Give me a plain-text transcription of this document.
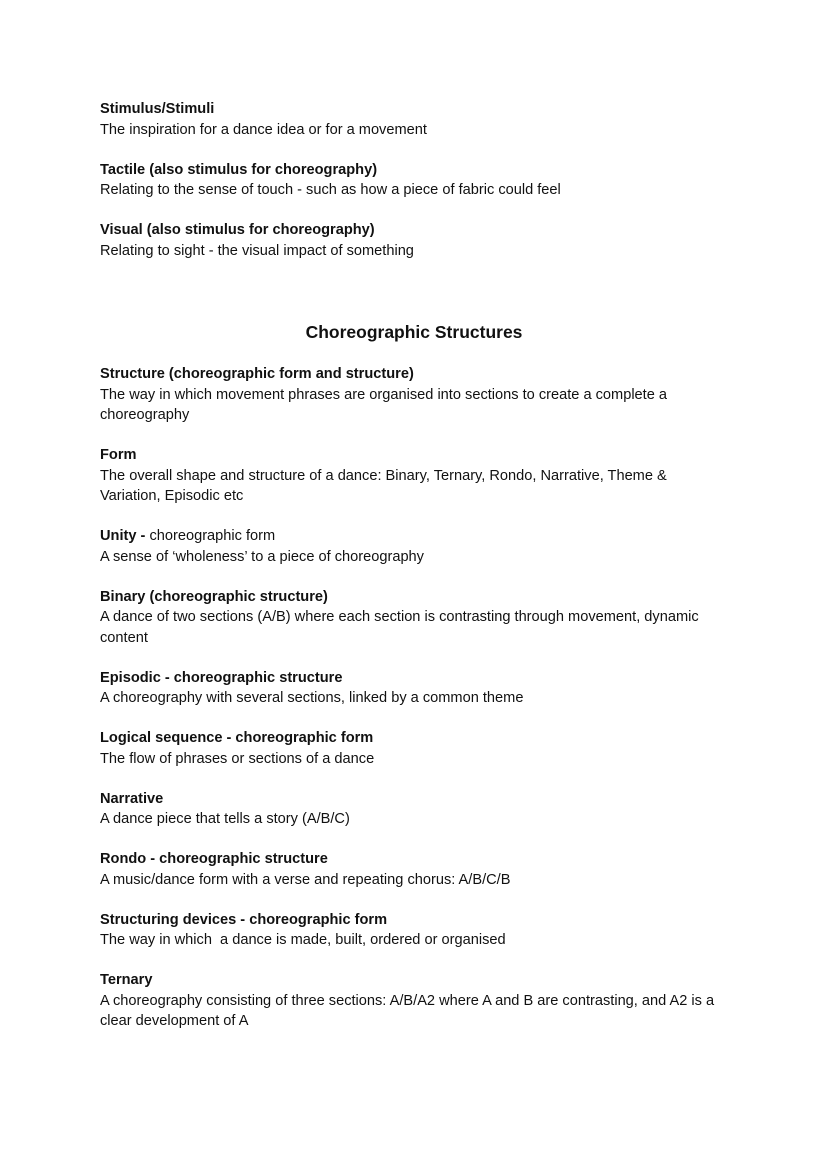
Stimulus/Stimuli

The inspiration for a dance idea or for a movement

Tactile (also stimulus for choreography)

Relating to the sense of touch - such as how a piece of fabric could feel

Visual (also stimulus for choreography)

Relating to sight - the visual impact of something

Choreographic Structures

Structure (choreographic form and structure)

The way in which movement phrases are organised into sections to create a complete a choreography

Form

The overall shape and structure of a dance: Binary, Ternary, Rondo, Narrative, Theme & Variation, Episodic etc

Unity - choreographic form

A sense of ‘wholeness’ to a piece of choreography

Binary (choreographic structure)

A dance of two sections (A/B) where each section is contrasting through movement, dynamic content

Episodic - choreographic structure

A choreography with several sections, linked by a common theme

Logical sequence - choreographic form

The flow of phrases or sections of a dance

Narrative

A dance piece that tells a story (A/B/C)

Rondo - choreographic structure

A music/dance form with a verse and repeating chorus: A/B/C/B

Structuring devices - choreographic form

The way in which  a dance is made, built, ordered or organised

Ternary

A choreography consisting of three sections: A/B/A2 where A and B are contrasting, and A2 is a clear development of A
